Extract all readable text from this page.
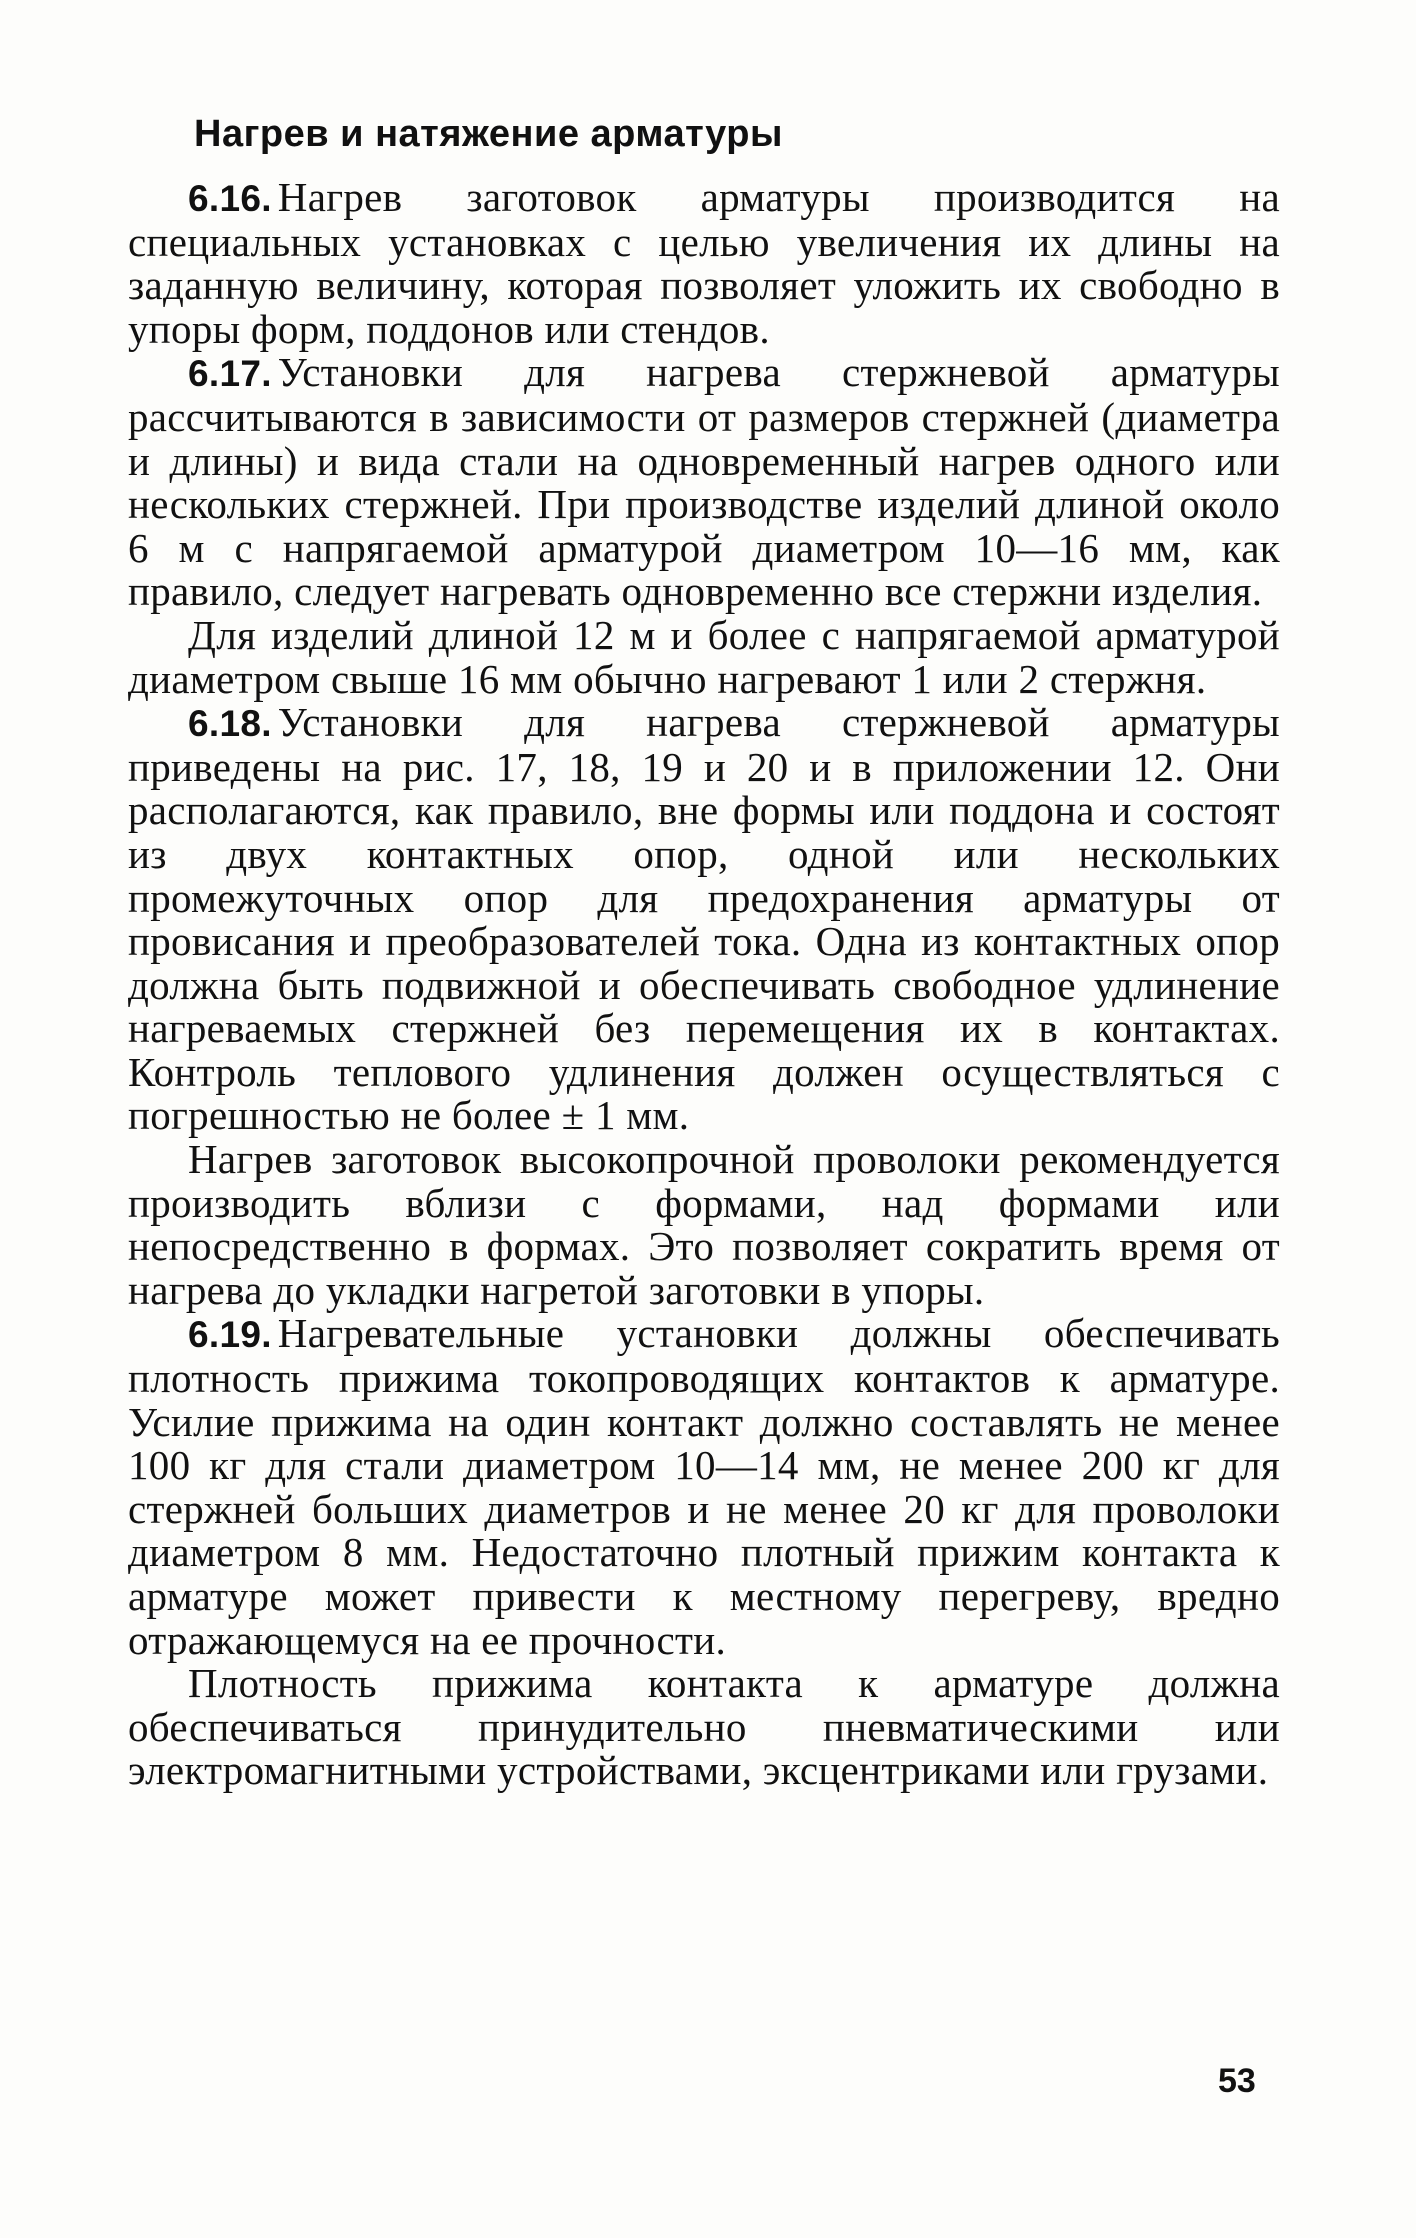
Нагрев и натяжение арматуры

6.16. Нагрев заготовок арматуры производится на специальных установках с целью увеличения их длины на заданную величину, которая позволяет уложить их свободно в упоры форм, поддонов или стендов.

6.17. Установки для нагрева стержневой арматуры рассчитываются в зависимости от размеров стержней (диаметра и длины) и вида стали на одновременный нагрев одного или нескольких стержней. При производстве изделий длиной около 6 м с напрягаемой арматурой диаметром 10—16 мм, как правило, следует нагревать одновременно все стержни изделия.

Для изделий длиной 12 м и более с напрягаемой арматурой диаметром свыше 16 мм обычно нагревают 1 или 2 стержня.

6.18. Установки для нагрева стержневой арматуры приведены на рис. 17, 18, 19 и 20 и в приложении 12. Они располагаются, как правило, вне формы или поддона и состоят из двух контактных опор, одной или нескольких промежуточных опор для предохранения арматуры от провисания и преобразователей тока. Одна из контактных опор должна быть подвижной и обеспечивать свободное удлинение нагреваемых стержней без перемещения их в контактах. Контроль теплового удлинения должен осуществляться с погрешностью не более ± 1 мм.

Нагрев заготовок высокопрочной проволоки рекомендуется производить вблизи с формами, над формами или непосредственно в формах. Это позволяет сократить время от нагрева до укладки нагретой заготовки в упоры.

6.19. Нагревательные установки должны обеспечивать плотность прижима токопроводящих контактов к арматуре. Усилие прижима на один контакт должно составлять не менее 100 кг для стали диаметром 10—14 мм, не менее 200 кг для стержней больших диаметров и не менее 20 кг для проволоки диаметром 8 мм. Недостаточно плотный прижим контакта к арматуре может привести к местному перегреву, вредно отражающемуся на ее прочности.

Плотность прижима контакта к арматуре должна обеспечиваться принудительно пневматическими или электромагнитными устройствами, эксцентриками или грузами.

53
